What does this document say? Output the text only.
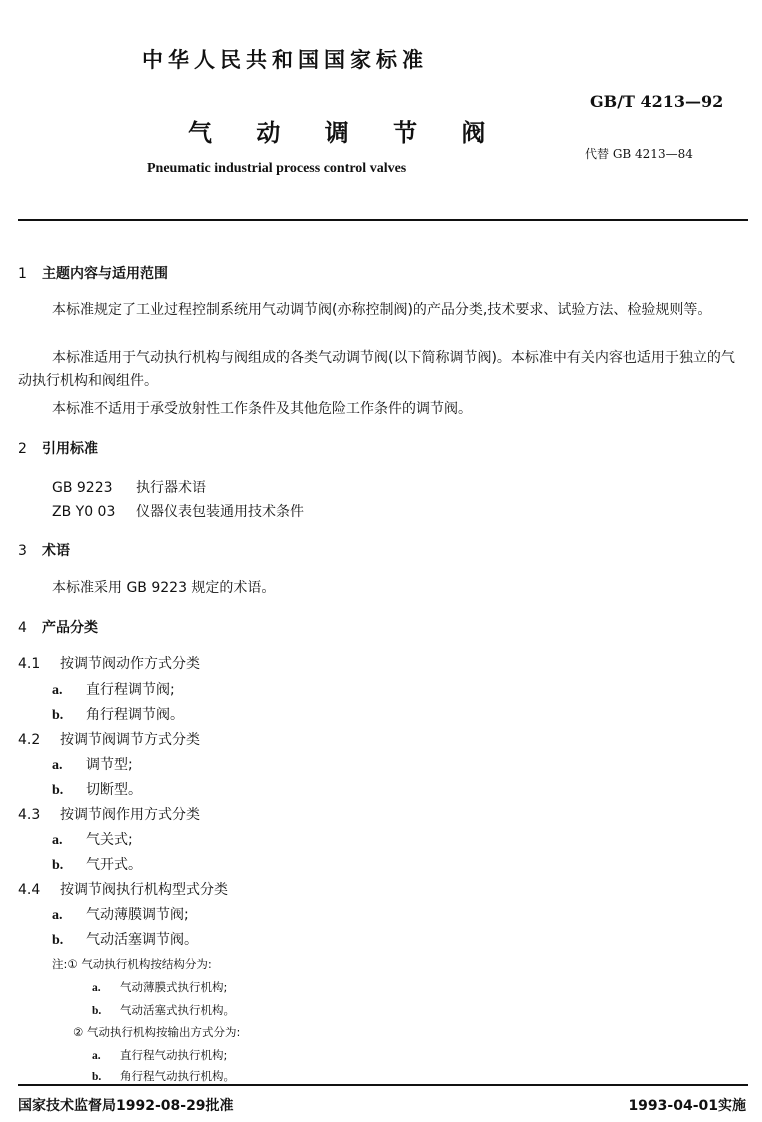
中华人民共和国国家标准
GB/T 4213—92
气 动 调 节 阀
代替 GB 4213—84
Pneumatic industrial process control valves
1 主题内容与适用范围
本标准规定了工业过程控制系统用气动调节阀(亦称控制阀)的产品分类,技术要求、试验方法、检验规则等。
本标准适用于气动执行机构与阀组成的各类气动调节阀(以下简称调节阀)。本标准中有关内容也适用于独立的气动执行机构和阀组件。
本标准不适用于承受放射性工作条件及其他危险工作条件的调节阀。
2 引用标准
GB 9223 执行器术语
ZB Y0 03 仪器仪表包装通用技术条件
3 术语
本标准采用 GB 9223 规定的术语。
4 产品分类
4.1 按调节阀动作方式分类
a. 直行程调节阀;
b. 角行程调节阀。
4.2 按调节阀调节方式分类
a. 调节型;
b. 切断型。
4.3 按调节阀作用方式分类
a. 气关式;
b. 气开式。
4.4 按调节阀执行机构型式分类
a. 气动薄膜调节阀;
b. 气动活塞调节阀。
注:① 气动执行机构按结构分为:
a. 气动薄膜式执行机构;
b. 气动活塞式执行机构。
② 气动执行机构按输出方式分为:
a. 直行程气动执行机构;
b. 角行程气动执行机构。
国家技术监督局1992-08-29批准	1993-04-01实施
